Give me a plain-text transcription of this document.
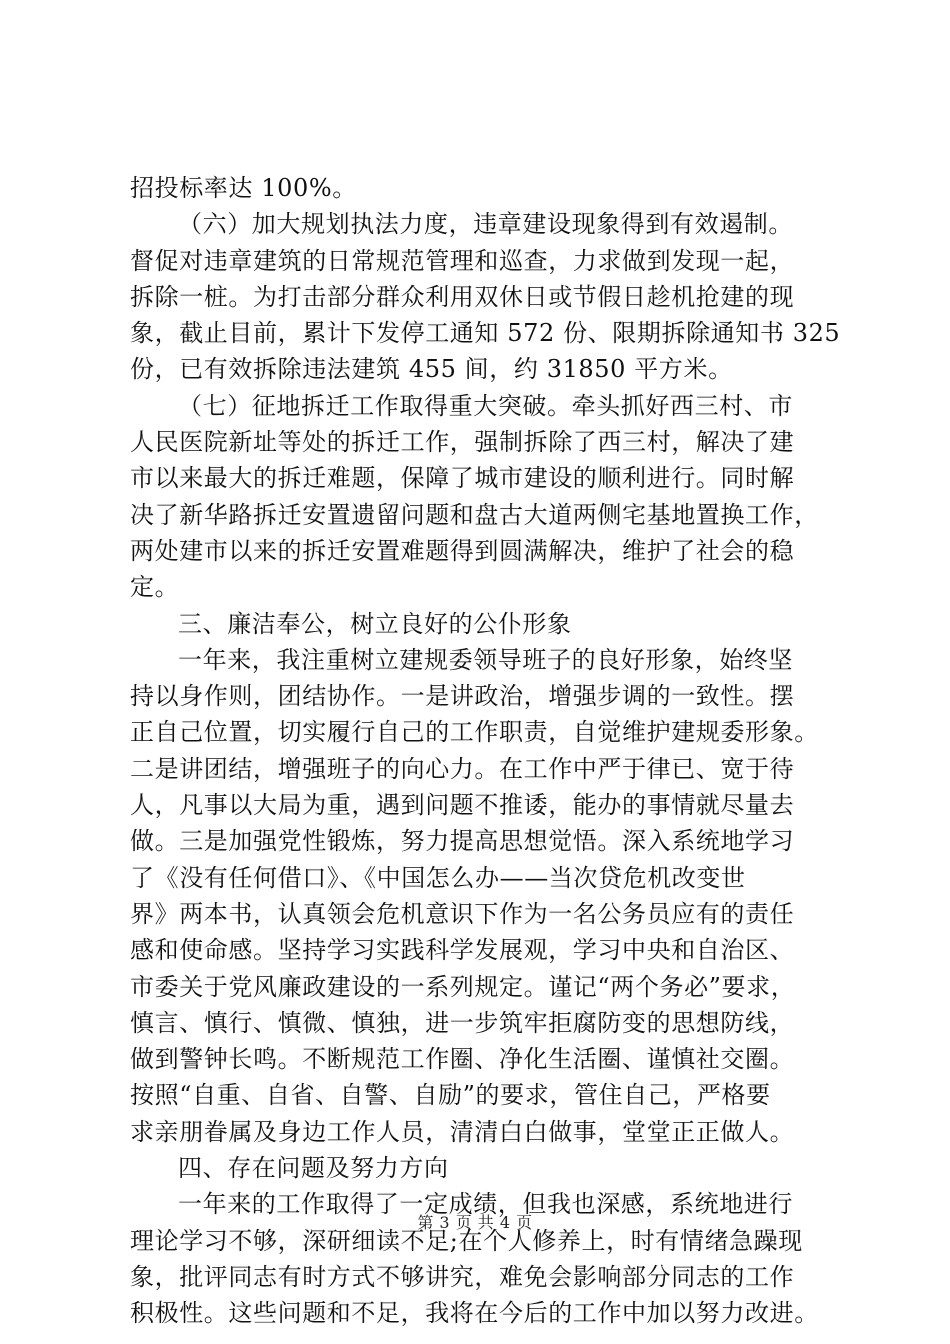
招投标率达 100%。
（六）加大规划执法力度，违章建设现象得到有效遏制。
督促对违章建筑的日常规范管理和巡查，力求做到发现一起，
拆除一桩。为打击部分群众利用双休日或节假日趁机抢建的现
象，截止目前，累计下发停工通知 572 份、限期拆除通知书 325
份，已有效拆除违法建筑 455 间，约 31850 平方米。
（七）征地拆迁工作取得重大突破。牵头抓好西三村、市
人民医院新址等处的拆迁工作，强制拆除了西三村，解决了建
市以来最大的拆迁难题，保障了城市建设的顺利进行。同时解
决了新华路拆迁安置遗留问题和盘古大道两侧宅基地置换工作，
两处建市以来的拆迁安置难题得到圆满解决，维护了社会的稳
定。
三、廉洁奉公，树立良好的公仆形象
一年来，我注重树立建规委领导班子的良好形象，始终坚
持以身作则，团结协作。一是讲政治，增强步调的一致性。摆
正自己位置，切实履行自己的工作职责，自觉维护建规委形象。
二是讲团结，增强班子的向心力。在工作中严于律已、宽于待
人，凡事以大局为重，遇到问题不推诿，能办的事情就尽量去
做。三是加强党性锻炼，努力提高思想觉悟。深入系统地学习
了《没有任何借口》、《中国怎么办——当次贷危机改变世
界》两本书，认真领会危机意识下作为一名公务员应有的责任
感和使命感。坚持学习实践科学发展观，学习中央和自治区、
市委关于党风廉政建设的一系列规定。谨记“两个务必”要求，
慎言、慎行、慎微、慎独，进一步筑牢拒腐防变的思想防线，
做到警钟长鸣。不断规范工作圈、净化生活圈、谨慎社交圈。
按照“自重、自省、自警、自励”的要求，管住自己，严格要
求亲朋眷属及身边工作人员，清清白白做事，堂堂正正做人。
四、存在问题及努力方向
一年来的工作取得了一定成绩，但我也深感，系统地进行
理论学习不够，深研细读不足;在个人修养上，时有情绪急躁现
象，批评同志有时方式不够讲究，难免会影响部分同志的工作
积极性。这些问题和不足，我将在今后的工作中加以努力改进。
第 3 页 共 4 页
